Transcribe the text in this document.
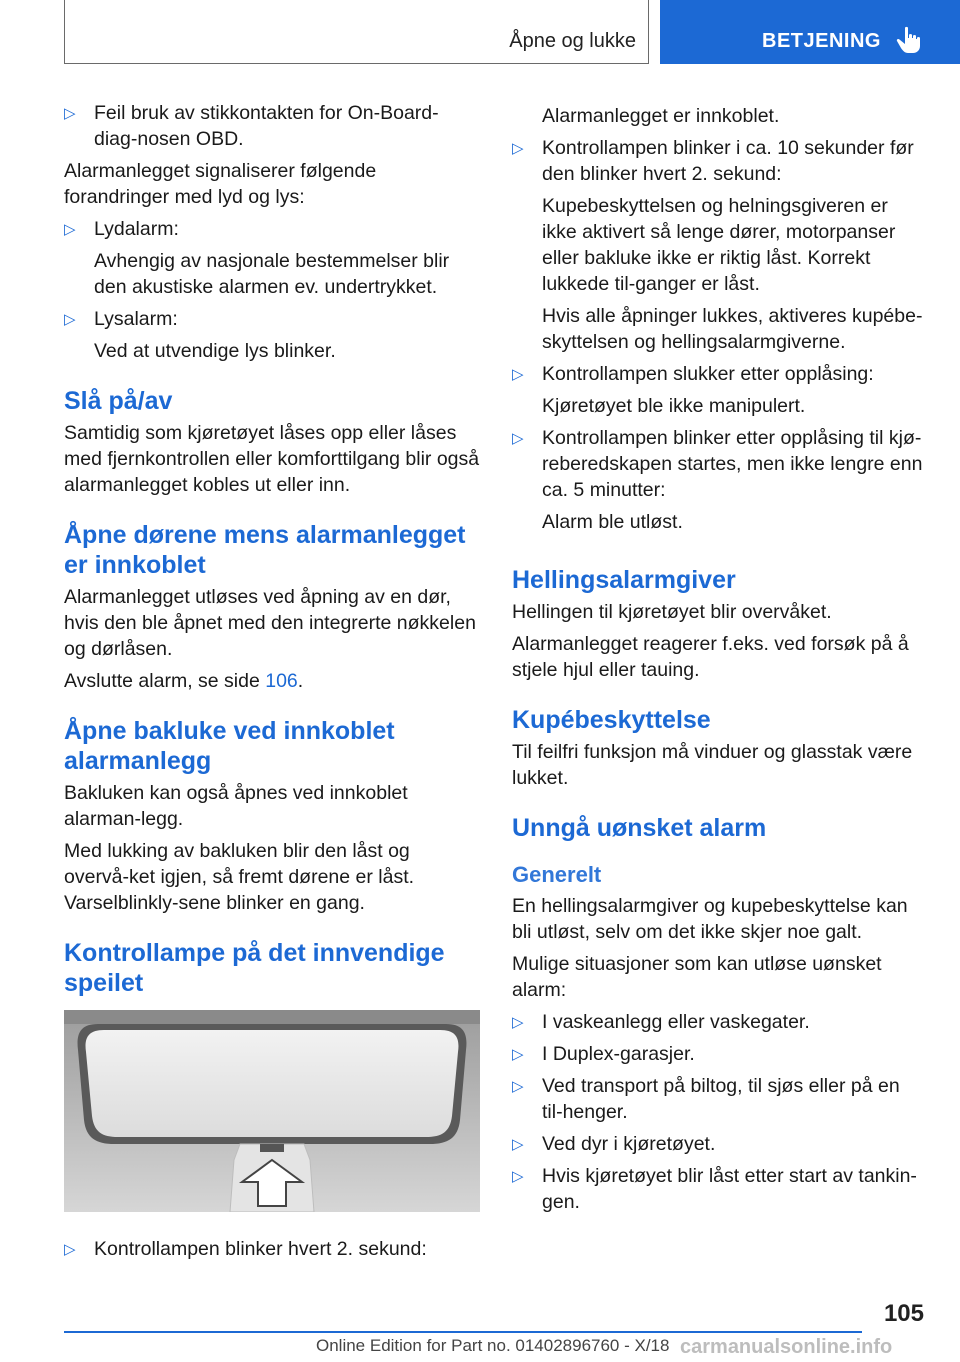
Åpne og lukke	BETJENING
▷ Feil bruk av stikkontakten for On-Board-diag-nosen OBD.

Alarmanlegget signaliserer følgende forandringer med lyd og lys:

▷ Lydalarm:

Avhengig av nasjonale bestemmelser blir den akustiske alarmen ev. undertrykket.

▷ Lysalarm:

Ved at utvendige lys blinker.

Slå på/av

Samtidig som kjøretøyet låses opp eller låses med fjernkontrollen eller komforttilgang blir også alarmanlegget kobles ut eller inn.

Åpne dørene mens alarmanlegget er innkoblet

Alarmanlegget utløses ved åpning av en dør, hvis den ble åpnet med den integrerte nøkkelen og dørlåsen.

Avslutte alarm, se side 106.

Åpne bakluke ved innkoblet alarmanlegg

Bakluken kan også åpnes ved innkoblet alarman-legg.

Med lukking av bakluken blir den låst og overvå-ket igjen, så fremt dørene er låst. Varselblinkly-sene blinker en gang.

Kontrollampe på det innvendige speilet
▷ Kontrollampen blinker hvert 2. sekund:

Alarmanlegget er innkoblet.

▷ Kontrollampen blinker i ca. 10 sekunder før den blinker hvert 2. sekund:

Kupebeskyttelsen og helningsgiveren er ikke aktivert så lenge dører, motorpanser eller bakluke ikke er riktig låst. Korrekt lukkede til-ganger er låst.

Hvis alle åpninger lukkes, aktiveres kupébe-skyttelsen og hellingsalarmgiverne.

▷ Kontrollampen slukker etter opplåsing:

Kjøretøyet ble ikke manipulert.

▷ Kontrollampen blinker etter opplåsing til kjø-reberedskapen startes, men ikke lengre enn ca. 5 minutter:

Alarm ble utløst.

Hellingsalarmgiver

Hellingen til kjøretøyet blir overvåket.

Alarmanlegget reagerer f.eks. ved forsøk på å stjele hjul eller tauing.

Kupébeskyttelse

Til feilfri funksjon må vinduer og glasstak være lukket.

Unngå uønsket alarm
Generelt

En hellingsalarmgiver og kupebeskyttelse kan bli utløst, selv om det ikke skjer noe galt.

Mulige situasjoner som kan utløse uønsket alarm:

▷ I vaskeanlegg eller vaskegater.
▷ I Duplex-garasjer.
▷ Ved transport på biltog, til sjøs eller på en til-henger.
▷ Ved dyr i kjøretøyet.
▷ Hvis kjøretøyet blir låst etter start av tankin-gen.
105
Online Edition for Part no. 01402896760 - X/18 carmanualsonline.info
